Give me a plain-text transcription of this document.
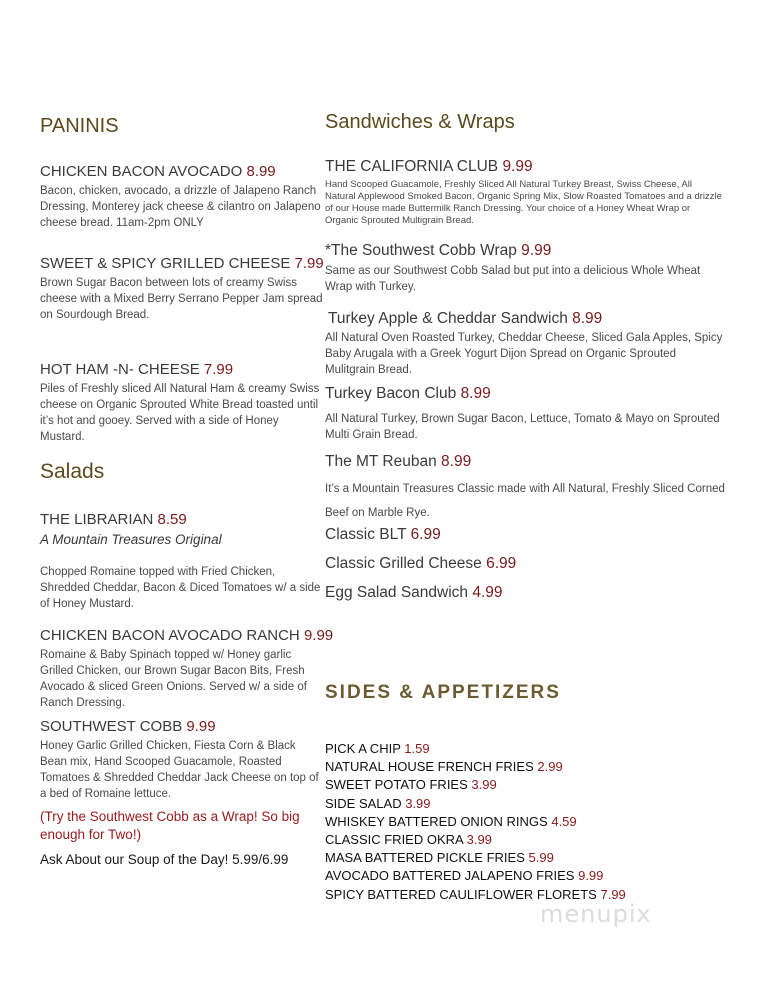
PANINIS
CHICKEN BACON AVOCADO 8.99
Bacon, chicken, avocado, a drizzle of Jalapeno Ranch Dressing, Monterey jack cheese & cilantro on Jalapeno cheese bread. 11am-2pm ONLY
SWEET & SPICY GRILLED CHEESE 7.99
Brown Sugar Bacon between lots of creamy Swiss cheese with a Mixed Berry Serrano Pepper Jam spread on Sourdough Bread.
HOT HAM -N- CHEESE 7.99
Piles of Freshly sliced All Natural Ham & creamy Swiss cheese on Organic Sprouted White Bread toasted until it’s hot and gooey. Served with a side of Honey Mustard.
Salads
THE LIBRARIAN 8.59
A Mountain Treasures Original
Chopped Romaine topped with Fried Chicken, Shredded Cheddar, Bacon & Diced Tomatoes w/ a side of Honey Mustard.
CHICKEN BACON AVOCADO RANCH 9.99
Romaine & Baby Spinach topped w/ Honey garlic Grilled Chicken, our Brown Sugar Bacon Bits, Fresh Avocado & sliced Green Onions. Served w/ a side of Ranch Dressing.
SOUTHWEST COBB 9.99
Honey Garlic Grilled Chicken, Fiesta Corn & Black Bean mix, Hand Scooped Guacamole, Roasted Tomatoes & Shredded Cheddar Jack Cheese on top of a bed of Romaine lettuce.
(Try the Southwest Cobb as a Wrap! So big enough for Two!)
Ask About our Soup of the Day! 5.99/6.99
Sandwiches & Wraps
THE CALIFORNIA CLUB 9.99
Hand Scooped Guacamole, Freshly Sliced All Natural Turkey Breast, Swiss Cheese, All Natural Applewood Smoked Bacon, Organic Spring Mix, Slow Roasted Tomatoes and a drizzle of our House made Buttermilk Ranch Dressing. Your choice of a Honey Wheat Wrap or Organic Sprouted Multigrain Bread.
*The Southwest Cobb Wrap 9.99
Same as our Southwest Cobb Salad but put into a delicious Whole Wheat Wrap with Turkey.
Turkey Apple & Cheddar Sandwich 8.99
All Natural Oven Roasted Turkey, Cheddar Cheese, Sliced Gala Apples, Spicy Baby Arugala with a Greek Yogurt Dijon Spread on Organic Sprouted Mulitgrain Bread.
Turkey Bacon Club 8.99
All Natural Turkey, Brown Sugar Bacon, Lettuce, Tomato & Mayo on Sprouted Multi Grain Bread.
The MT Reuban 8.99
It’s a Mountain Treasures Classic made with All Natural, Freshly Sliced Corned
Beef on Marble Rye.
Classic BLT 6.99
Classic Grilled Cheese 6.99
Egg Salad Sandwich 4.99
SIDES & APPETIZERS
PICK A CHIP 1.59
NATURAL HOUSE FRENCH FRIES 2.99
SWEET POTATO FRIES 3.99
SIDE SALAD 3.99
WHISKEY BATTERED ONION RINGS 4.59
CLASSIC FRIED OKRA 3.99
MASA BATTERED PICKLE FRIES 5.99
AVOCADO BATTERED JALAPENO FRIES 9.99
SPICY BATTERED CAULIFLOWER FLORETS 7.99
menupix
